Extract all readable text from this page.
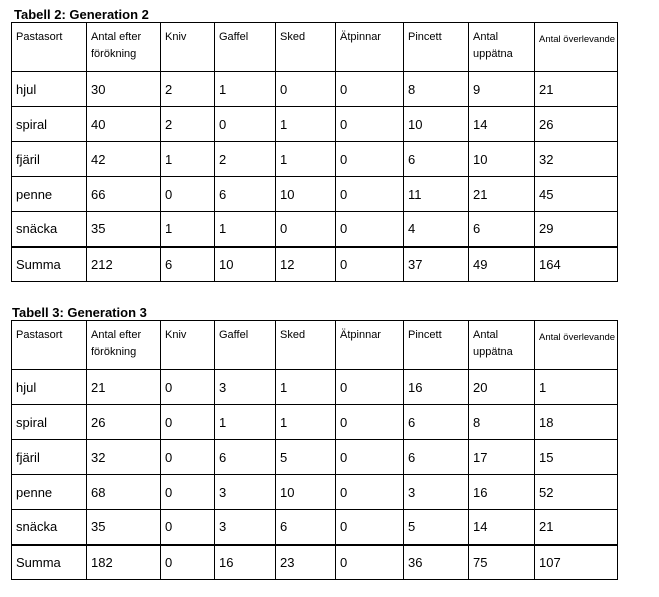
Tabell 2: Generation 2
Pastasort	Antal efter förökning	Kniv	Gaffel	Sked	Ätpinnar	Pincett	Antal uppätna	Antal överlevande
hjul	30	2	1	0	0	8	9	21
spiral	40	2	0	1	0	10	14	26
fjäril	42	1	2	1	0	6	10	32
penne	66	0	6	10	0	11	21	45
snäcka	35	1	1	0	0	4	6	29
Summa	212	6	10	12	0	37	49	164
Tabell 3: Generation 3
Pastasort	Antal efter förökning	Kniv	Gaffel	Sked	Ätpinnar	Pincett	Antal uppätna	Antal överlevande
hjul	21	0	3	1	0	16	20	1
spiral	26	0	1	1	0	6	8	18
fjäril	32	0	6	5	0	6	17	15
penne	68	0	3	10	0	3	16	52
snäcka	35	0	3	6	0	5	14	21
Summa	182	0	16	23	0	36	75	107
